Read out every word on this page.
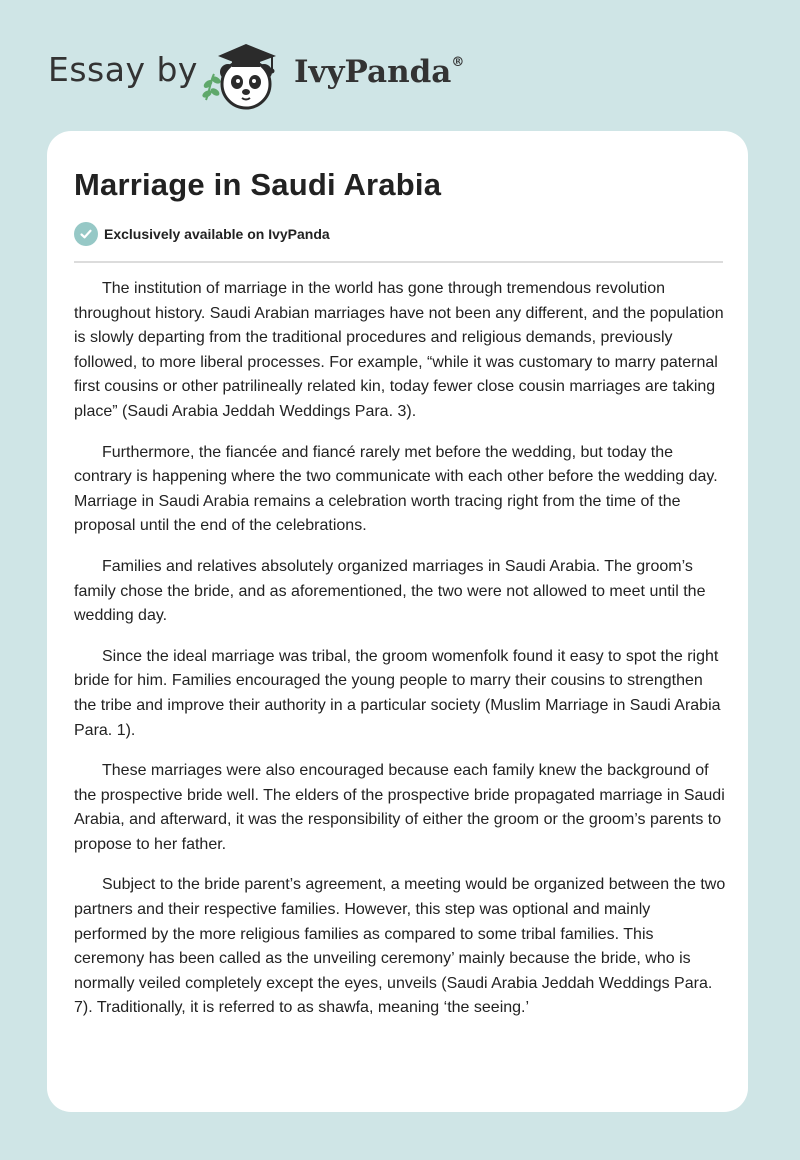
Essay by	IvyPanda®
Marriage in Saudi Arabia
Exclusively available on IvyPanda

The institution of marriage in the world has gone through tremendous revolution throughout history. Saudi Arabian marriages have not been any different, and the population is slowly departing from the traditional procedures and religious demands, previously followed, to more liberal processes. For example, “while it was customary to marry paternal first cousins or other patrilineally related kin, today fewer close cousin marriages are taking place” (Saudi Arabia Jeddah Weddings Para. 3).

Furthermore, the fiancée and fiancé rarely met before the wedding, but today the contrary is happening where the two communicate with each other before the wedding day. Marriage in Saudi Arabia remains a celebration worth tracing right from the time of the proposal until the end of the celebrations.

Families and relatives absolutely organized marriages in Saudi Arabia. The groom’s family chose the bride, and as aforementioned, the two were not allowed to meet until the wedding day.

Since the ideal marriage was tribal, the groom womenfolk found it easy to spot the right bride for him. Families encouraged the young people to marry their cousins to strengthen the tribe and improve their authority in a particular society (Muslim Marriage in Saudi Arabia Para. 1).

These marriages were also encouraged because each family knew the background of the prospective bride well. The elders of the prospective bride propagated marriage in Saudi Arabia, and afterward, it was the responsibility of either the groom or the groom’s parents to propose to her father.

Subject to the bride parent’s agreement, a meeting would be organized between the two partners and their respective families. However, this step was optional and mainly performed by the more religious families as compared to some tribal families. This ceremony has been called as the unveiling ceremony’ mainly because the bride, who is normally veiled completely except the eyes, unveils (Saudi Arabia Jeddah Weddings Para. 7). Traditionally, it is referred to as shawfa, meaning ‘the seeing.’
